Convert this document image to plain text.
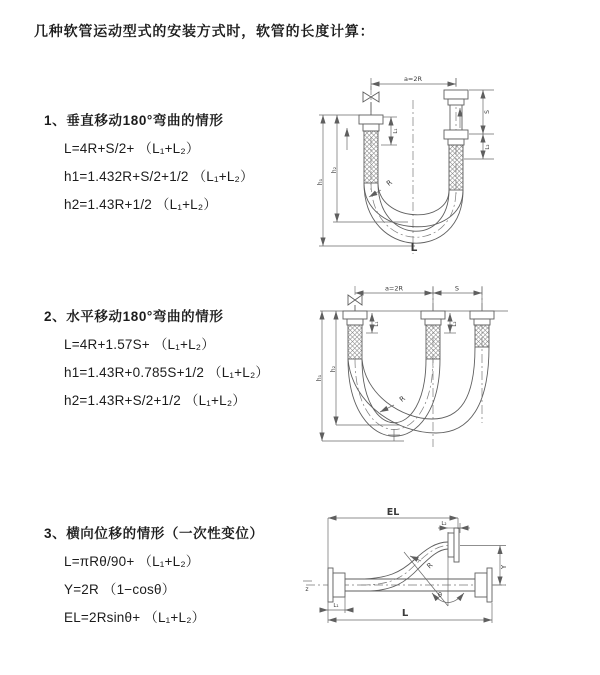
几种软管运动型式的安装方式时，软管的长度计算：
1、垂直移动180°弯曲的情形
L=4R+S/2+ （L₁+L₂）
h1=1.432R+S/2+1/2 （L₁+L₂）
h2=1.43R+1/2 （L₁+L₂）
2、水平移动180°弯曲的情形
L=4R+1.57S+ （L₁+L₂）
h1=1.43R+0.785S+1/2 （L₁+L₂）
h2=1.43R+S/2+1/2 （L₁+L₂）
3、横向位移的情形（一次性变位）
L=πRθ/90+ （L₁+L₂）
Y=2R （1−cosθ）
EL=2Rsinθ+ （L₁+L₂）
a=2R
h₁
h₂
L₁
S
L₂
R
L
a=2R	S
h₁
h₂
L₁	L₂
R
z
EL
L₂
Y
θ
R
L
L₁
